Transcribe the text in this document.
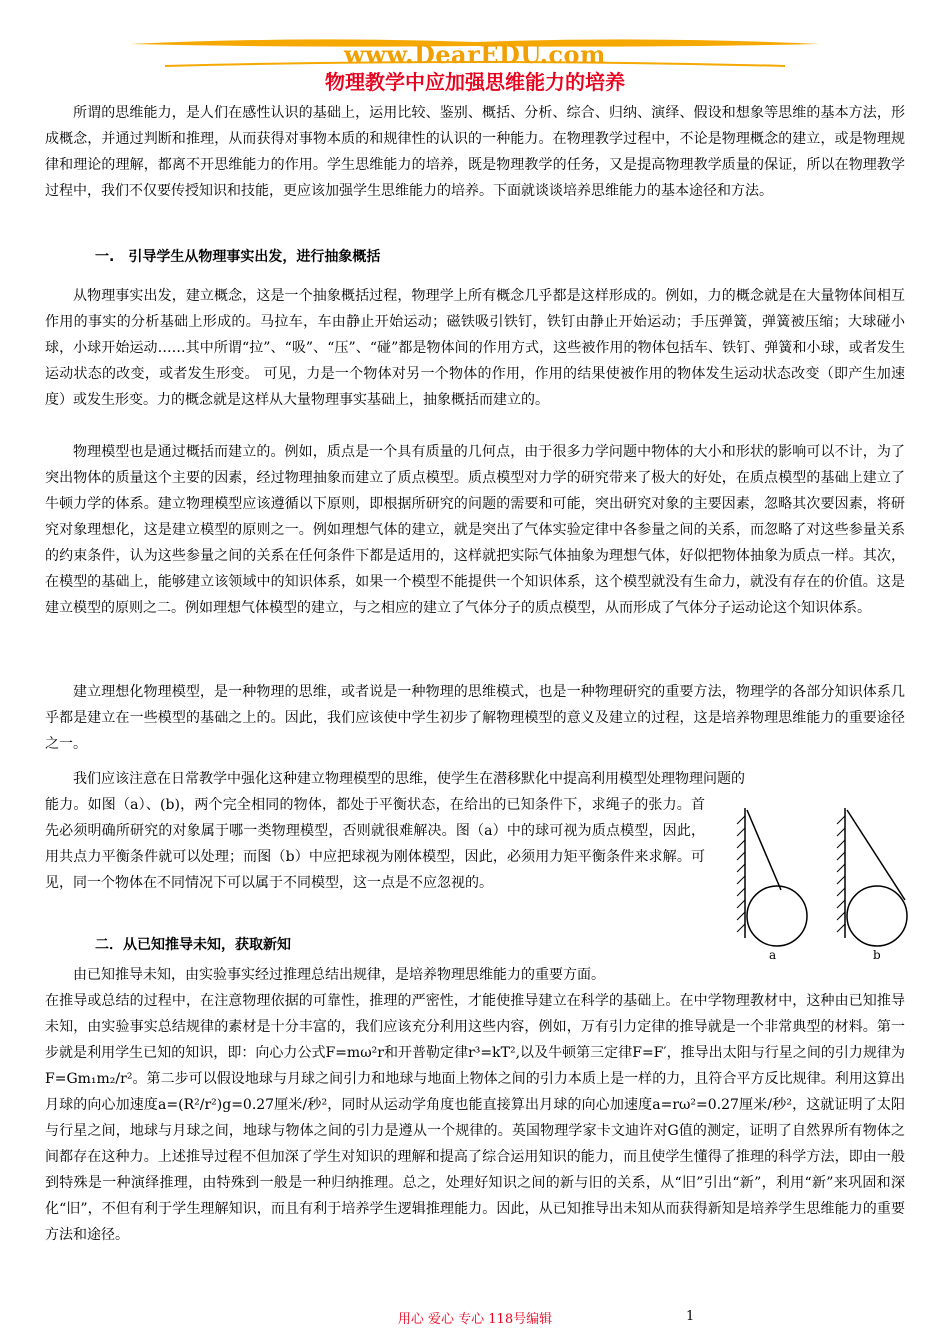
www.DearEDU.com
物理教学中应加强思维能力的培养

所谓的思维能力，是人们在感性认识的基础上，运用比较、鉴别、概括、分析、综合、归纳、演绎、假设和想象等思维的基本方法，形成概念，并通过判断和推理，从而获得对事物本质的和规律性的认识的一种能力。在物理教学过程中，不论是物理概念的建立，或是物理规律和理论的理解，都离不开思维能力的作用。学生思维能力的培养，既是物理教学的任务，又是提高物理教学质量的保证，所以在物理教学过程中，我们不仅要传授知识和技能，更应该加强学生思维能力的培养。下面就谈谈培养思维能力的基本途径和方法。

一.　引导学生从物理事实出发，进行抽象概括

从物理事实出发，建立概念，这是一个抽象概括过程，物理学上所有概念几乎都是这样形成的。例如，力的概念就是在大量物体间相互作用的事实的分析基础上形成的。马拉车，车由静止开始运动；磁铁吸引铁钉，铁钉由静止开始运动；手压弹簧，弹簧被压缩；大球碰小球，小球开始运动……其中所谓“拉”、“吸”、“压”、“碰”都是物体间的作用方式，这些被作用的物体包括车、铁钉、弹簧和小球，或者发生运动状态的改变，或者发生形变。 可见，力是一个物体对另一个物体的作用，作用的结果使被作用的物体发生运动状态改变（即产生加速度）或发生形变。力的概念就是这样从大量物理事实基础上，抽象概括而建立的。

物理模型也是通过概括而建立的。例如，质点是一个具有质量的几何点，由于很多力学问题中物体的大小和形状的影响可以不计，为了突出物体的质量这个主要的因素，经过物理抽象而建立了质点模型。质点模型对力学的研究带来了极大的好处，在质点模型的基础上建立了牛顿力学的体系。建立物理模型应该遵循以下原则，即根据所研究的问题的需要和可能，突出研究对象的主要因素，忽略其次要因素，将研究对象理想化，这是建立模型的原则之一。例如理想气体的建立，就是突出了气体实验定律中各参量之间的关系，而忽略了对这些参量关系的约束条件，认为这些参量之间的关系在任何条件下都是适用的，这样就把实际气体抽象为理想气体，好似把物体抽象为质点一样。其次，在模型的基础上，能够建立该领域中的知识体系，如果一个模型不能提供一个知识体系，这个模型就没有生命力，就没有存在的价值。这是建立模型的原则之二。例如理想气体模型的建立，与之相应的建立了气体分子的质点模型，从而形成了气体分子运动论这个知识体系。

建立理想化物理模型，是一种物理的思维，或者说是一种物理的思维模式，也是一种物理研究的重要方法，物理学的各部分知识体系几乎都是建立在一些模型的基础之上的。因此，我们应该使中学生初步了解物理模型的意义及建立的过程，这是培养物理思维能力的重要途径之一。

我们应该注意在日常教学中强化这种建立物理模型的思维，使学生在潜移默化中提高利用模型处理物理问题的

能力。如图（a）、(b)，两个完全相同的物体，都处于平衡状态，在给出的已知条件下，求绳子的张力。首先必须明确所研究的对象属于哪一类物理模型，否则就很难解决。图（a）中的球可视为质点模型，因此，用共点力平衡条件就可以处理；而图（b）中应把球视为刚体模型，因此，必须用力矩平衡条件来求解。可见，同一个物体在不同情况下可以属于不同模型，这一点是不应忽视的。

a	b
二．从已知推导未知，获取新知

由已知推导未知，由实验事实经过推理总结出规律，是培养物理思维能力的重要方面。

在推导或总结的过程中，在注意物理依据的可靠性，推理的严密性，才能使推导建立在科学的基础上。在中学物理教材中，这种由已知推导未知，由实验事实总结规律的素材是十分丰富的，我们应该充分利用这些内容，例如，万有引力定律的推导就是一个非常典型的材料。第一步就是利用学生已知的知识，即：向心力公式F=mω²r和开普勒定律r³=kT²,以及牛顿第三定律F=F′，推导出太阳与行星之间的引力规律为F=Gm₁m₂/r²。第二步可以假设地球与月球之间引力和地球与地面上物体之间的引力本质上是一样的力，且符合平方反比规律。利用这算出月球的向心加速度a=(R²/r²)g=0.27厘米/秒²，同时从运动学角度也能直接算出月球的向心加速度a=rω²=0.27厘米/秒²，这就证明了太阳与行星之间，地球与月球之间，地球与物体之间的引力是遵从一个规律的。英国物理学家卡文迪许对G值的测定，证明了自然界所有物体之间都存在这种力。上述推导过程不但加深了学生对知识的理解和提高了综合运用知识的能力，而且使学生懂得了推理的科学方法，即由一般到特殊是一种演绎推理，由特殊到一般是一种归纳推理。总之，处理好知识之间的新与旧的关系，从“旧”引出“新”，利用“新”来巩固和深化“旧”，不但有利于学生理解知识，而且有利于培养学生逻辑推理能力。因此，从已知推导出未知从而获得新知是培养学生思维能力的重要方法和途径。

用心 爱心 专心 118号编辑	1
